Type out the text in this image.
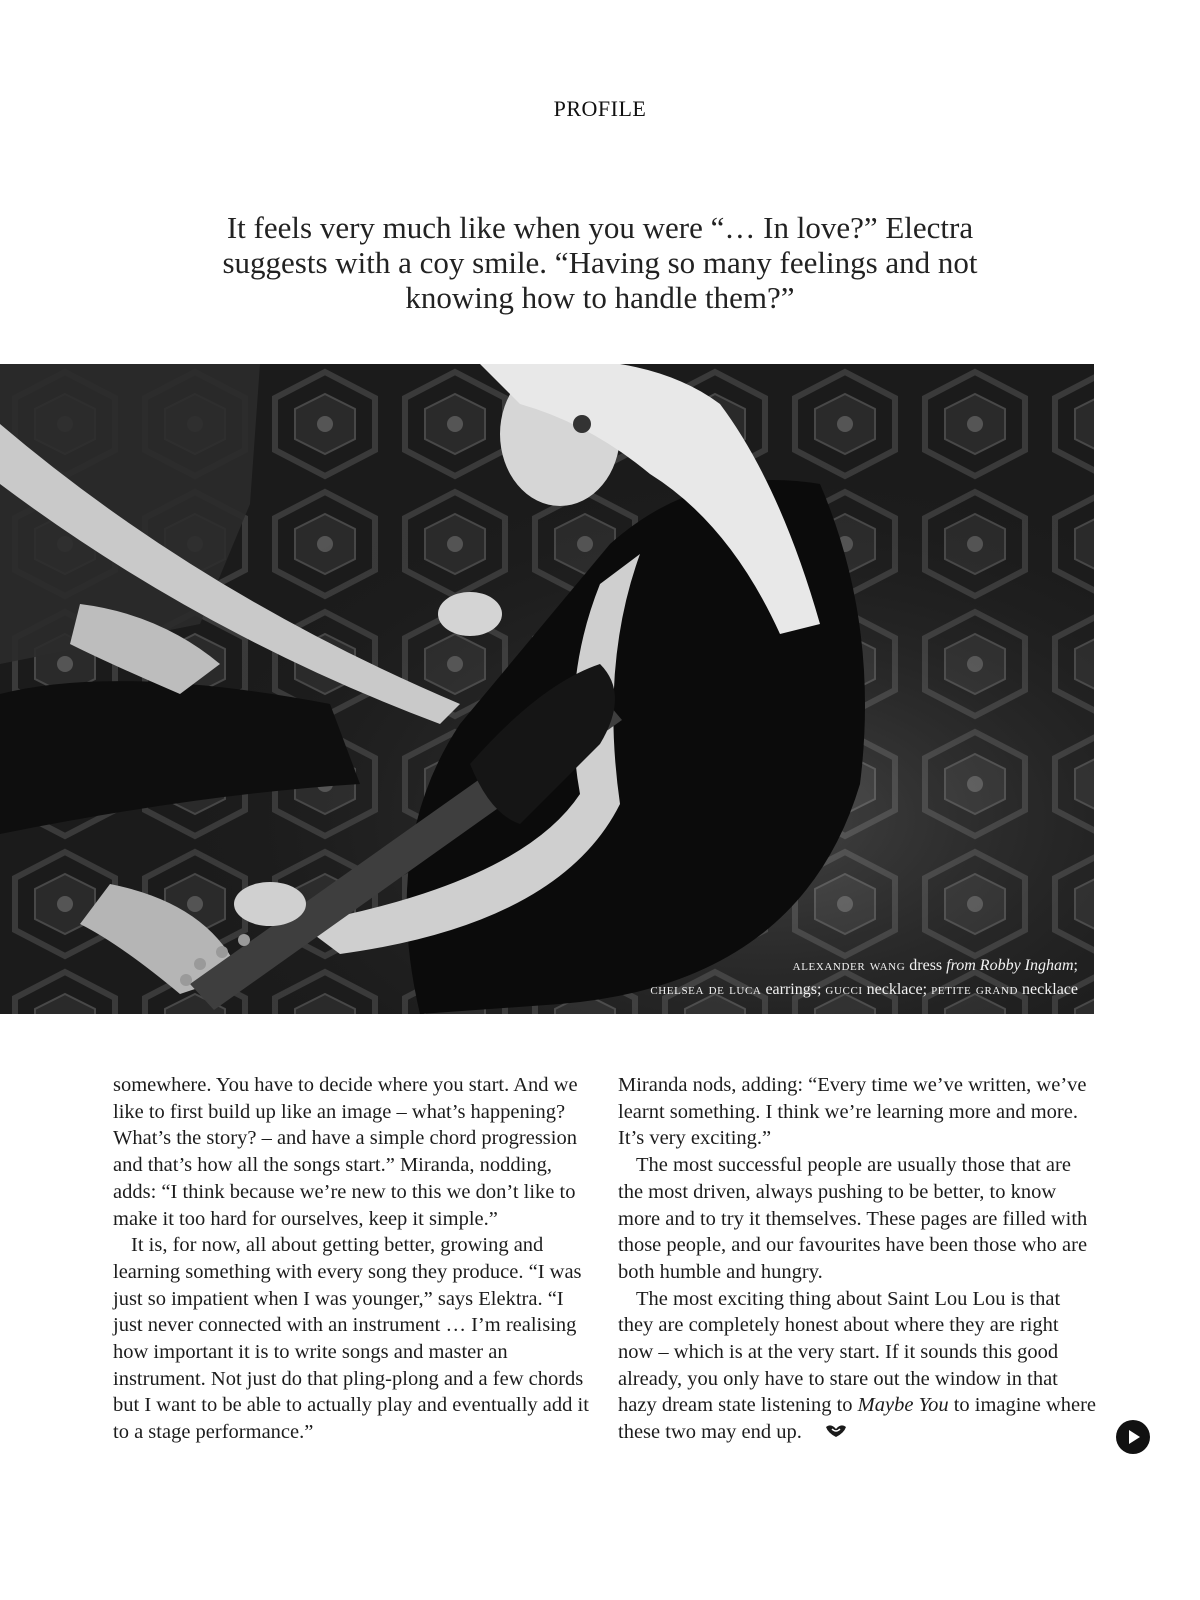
PROFILE
It feels very much like when you were “… In love?” Electra suggests with a coy smile. “Having so many feelings and not knowing how to handle them?”
alexander wang dress from Robby Ingham;
chelsea de luca earrings; gucci necklace; petite grand necklace

somewhere. You have to decide where you start. And we like to first build up like an image – what’s happening? What’s the story? – and have a simple chord progression and that’s how all the songs start.” Miranda, nodding, adds: “I think because we’re new to this we don’t like to make it too hard for ourselves, keep it simple.”

It is, for now, all about getting better, growing and learning something with every song they produce. “I was just so impatient when I was younger,” says Elektra. “I just never connected with an instrument … I’m realising how important it is to write songs and master an instrument. Not just do that pling-plong and a few chords but I want to be able to actually play and eventually add it to a stage performance.”

Miranda nods, adding: “Every time we’ve written, we’ve learnt something. I think we’re learning more and more. It’s very exciting.”

The most successful people are usually those that are the most driven, always pushing to be better, to know more and to try it themselves. These pages are filled with those people, and our favourites have been those who are both humble and hungry.

The most exciting thing about Saint Lou Lou is that they are completely honest about where they are right now – which is at the very start. If it sounds this good already, you only have to stare out the window in that hazy dream state listening to Maybe You to imagine where these two may end up.
